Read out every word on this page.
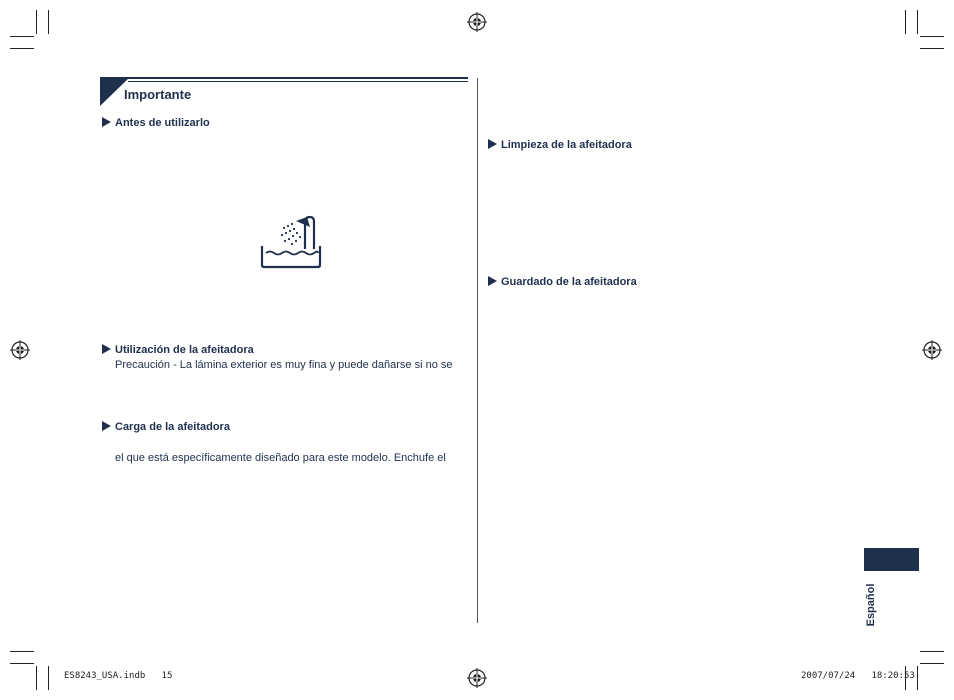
Importante
Antes de utilizarlo
Utilización de la afeitadora
Precaución - La lámina exterior es muy fina y puede dañarse si no se
Carga de la afeitadora
el que está específicamente diseñado para este modelo. Enchufe el
Limpieza de la afeitadora
Guardado de la afeitadora
Español
ES8243_USA.indb   15	2007/07/24   18:20:53
